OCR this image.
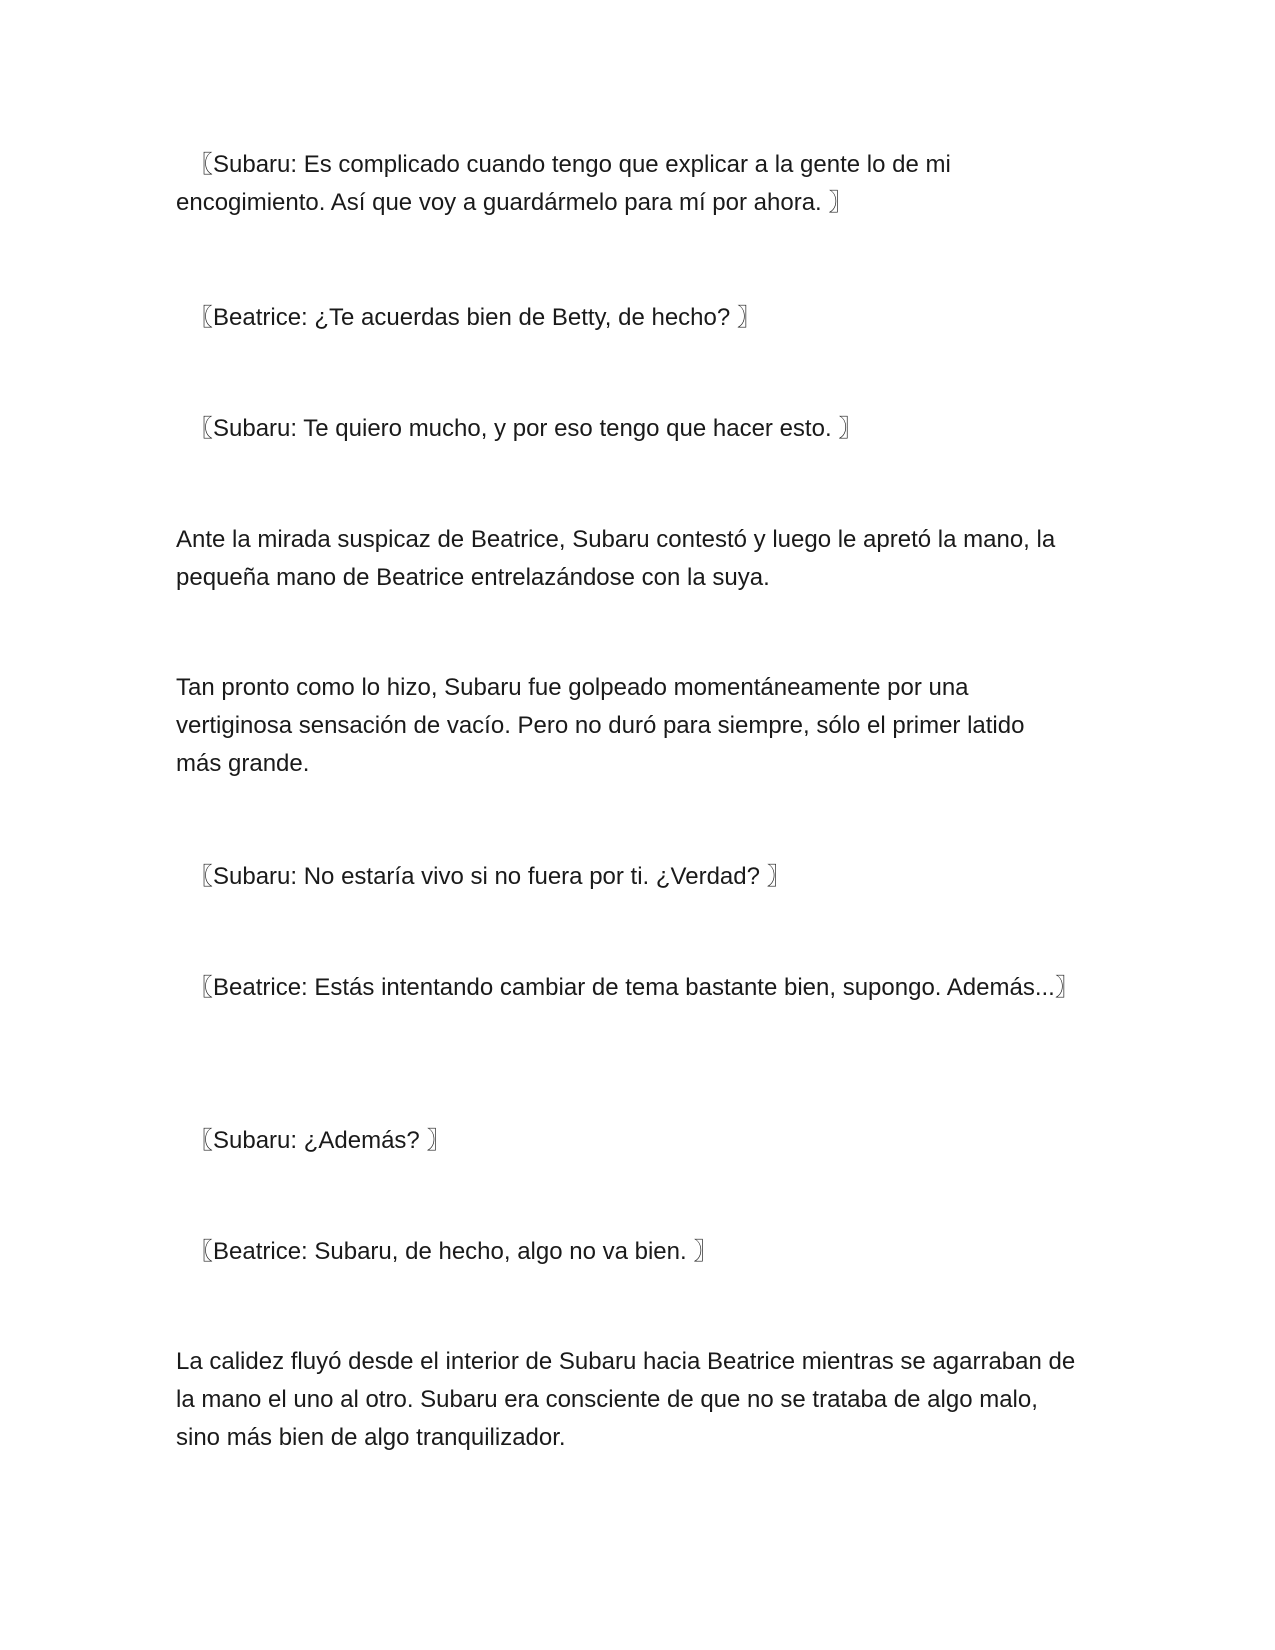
〖Subaru: Es complicado cuando tengo que explicar a la gente lo de mi encogimiento. Así que voy a guardármelo para mí por ahora. 〗

〖Beatrice: ¿Te acuerdas bien de Betty, de hecho? 〗

〖Subaru: Te quiero mucho, y por eso tengo que hacer esto. 〗

Ante la mirada suspicaz de Beatrice, Subaru contestó y luego le apretó la mano, la pequeña mano de Beatrice entrelazándose con la suya.

Tan pronto como lo hizo, Subaru fue golpeado momentáneamente por una vertiginosa sensación de vacío. Pero no duró para siempre, sólo el primer latido más grande.

〖Subaru: No estaría vivo si no fuera por ti. ¿Verdad? 〗

〖Beatrice: Estás intentando cambiar de tema bastante bien, supongo. Además...〗

〖Subaru: ¿Además? 〗

〖Beatrice: Subaru, de hecho, algo no va bien. 〗

La calidez fluyó desde el interior de Subaru hacia Beatrice mientras se agarraban de la mano el uno al otro. Subaru era consciente de que no se trataba de algo malo, sino más bien de algo tranquilizador.
